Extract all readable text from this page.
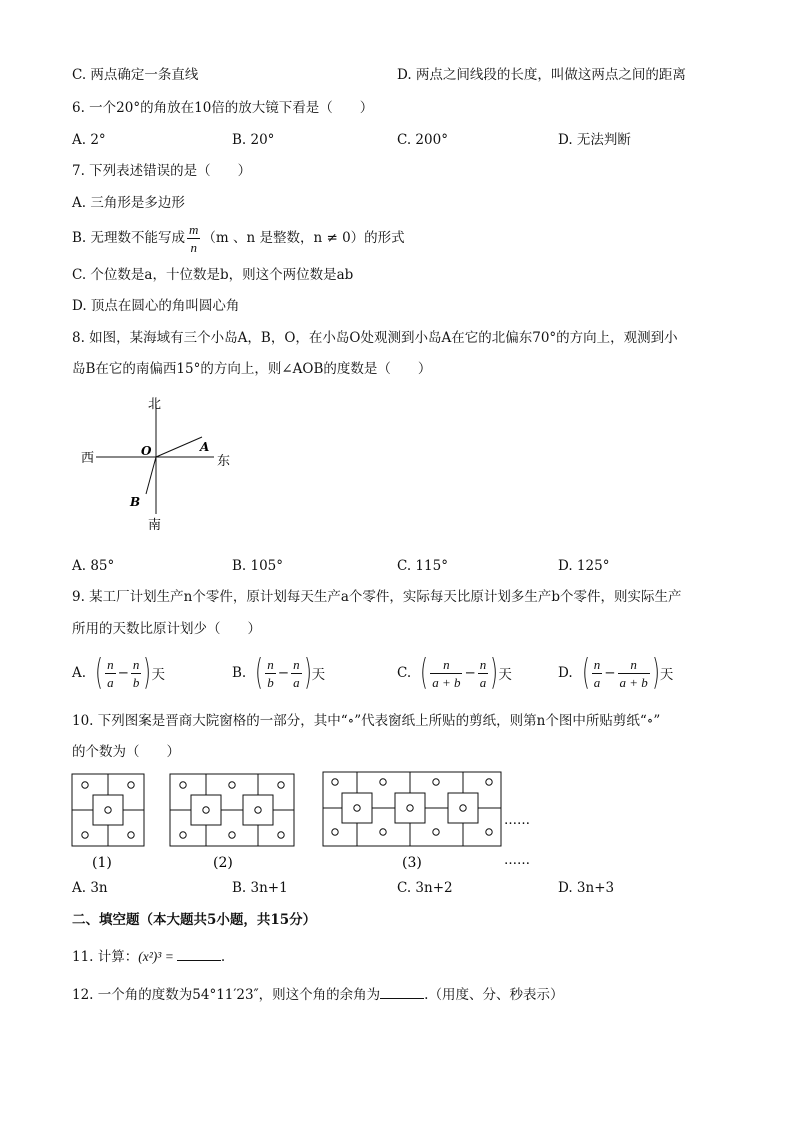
C. 两点确定一条直线	D. 两点之间线段的长度，叫做这两点之间的距离
6. 一个20°的角放在10倍的放大镜下看是（　　）
A. 2°	B. 20°	C. 200°	D. 无法判断
7. 下列表述错误的是（　　）
A. 三角形是多边形
B. 无理数不能写成 $\frac{m}{n} (m$ 、n 是整数，n ≠ 0）的形式
C. 个位数是a，十位数是b，则这个两位数是ab
D. 顶点在圆心的角叫圆心角
8. 如图，某海域有三个小岛A，B，O，在小岛O处观测到小岛A在它的北偏东70°的方向上，观测到小
岛B在它的南偏西15°的方向上，则∠AOB的度数是（　　）
北
南
西	东
O	A
B
A. 85°	B. 105°	C. 115°	D. 125°
9. 某工厂计划生产n个零件，原计划每天生产a个零件，实际每天比原计划多生产b个零件，则实际生产
所用的天数比原计划少（　　）
A. ( $\frac{n}{a} - \frac{n}{b}$ ) 天	B. ( $\frac{n}{b} - \frac{n}{a}$ ) 天	C. ( $\frac{n}{a + b} - \frac{n}{a}$ ) 天	D. ( $\frac{n}{a} - \frac{n}{a + b}$ ) 天
10. 下列图案是晋商大院窗格的一部分，其中“∘”代表窗纸上所贴的剪纸，则第n个图中所贴剪纸“∘”
的个数为（　　）
……
(1)	(2)	(3)	……
A. 3n	B. 3n+1	C. 3n+2	D. 3n+3
二、填空题（本大题共5小题，共15分）
11. 计算：(x²)³ =	.
12. 一个角的度数为54°11′23″，则这个角的余角为	.（用度、分、秒表示）
